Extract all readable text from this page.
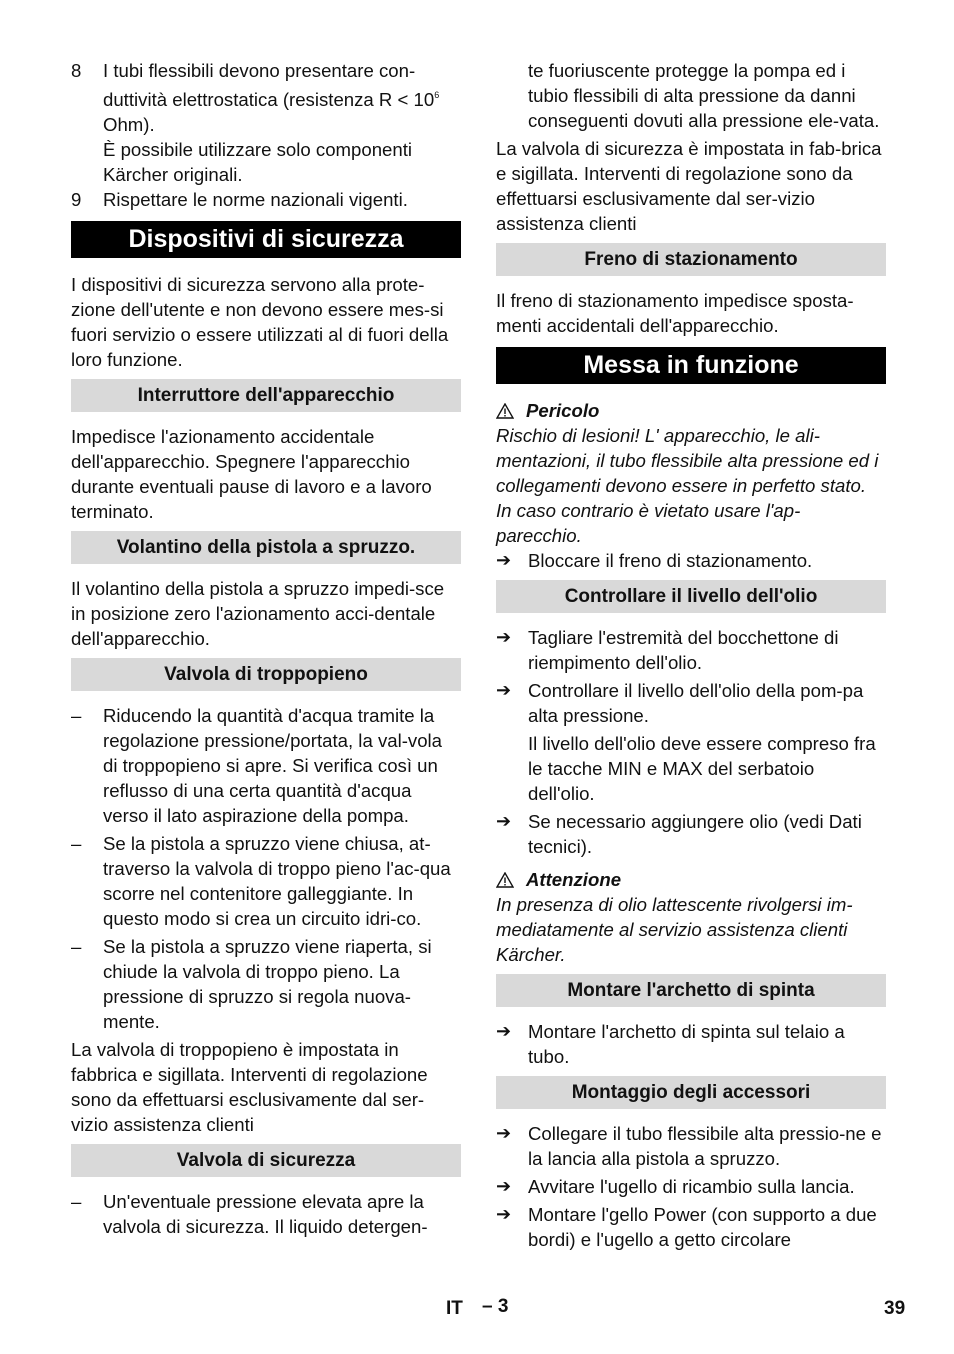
8	I tubi flessibili devono presentare con-duttività elettrostatica (resistenza $R < 10^6$ Ohm).
È possibile utilizzare solo componenti Kärcher originali.
9	Rispettare le norme nazionali vigenti.
Dispositivi di sicurezza

I dispositivi di sicurezza servono alla prote-zione dell'utente e non devono essere mes-si fuori servizio o essere utilizzati al di fuori della loro funzione.

Interruttore dell'apparecchio

Impedisce l'azionamento accidentale dell'apparecchio. Spegnere l'apparecchio durante eventuali pause di lavoro e a lavoro terminato.

Volantino della pistola a spruzzo.

Il volantino della pistola a spruzzo impedi-sce in posizione zero l'azionamento acci-dentale dell'apparecchio.

Valvola di troppopieno
–	Riducendo la quantità d'acqua tramite la regolazione pressione/portata, la val-vola di troppopieno si apre. Si verifica così un reflusso di una certa quantità d'acqua verso il lato aspirazione della pompa.
–	Se la pistola a spruzzo viene chiusa, at-traverso la valvola di troppo pieno l'ac-qua scorre nel contenitore galleggiante. In questo modo si crea un circuito idri-co.
–	Se la pistola a spruzzo viene riaperta, si chiude la valvola di troppo pieno. La pressione di spruzzo si regola nuova-mente.

La valvola di troppopieno è impostata in fabbrica e sigillata. Interventi di regolazione sono da effettuarsi esclusivamente dal ser-vizio assistenza clienti

Valvola di sicurezza
–	Un'eventuale pressione elevata apre la valvola di sicurezza. Il liquido detergen-

te fuoriuscente protegge la pompa ed i tubio flessibili di alta pressione da danni conseguenti dovuti alla pressione ele-vata.

La valvola di sicurezza è impostata in fab-brica e sigillata. Interventi di regolazione sono da effettuarsi esclusivamente dal ser-vizio assistenza clienti

Freno di stazionamento

Il freno di stazionamento impedisce sposta-menti accidentali dell'apparecchio.

Messa in funzione
Pericolo

Rischio di lesioni! L' apparecchio, le ali-mentazioni, il tubo flessibile alta pressione ed i collegamenti devono essere in perfetto stato. In caso contrario è vietato usare l'ap-parecchio.

➔ Bloccare il freno di stazionamento.
Controllare il livello dell'olio
➔ Tagliare l'estremità del bocchettone di riempimento dell'olio.
➔ Controllare il livello dell'olio della pom-pa alta pressione.

Il livello dell'olio deve essere compreso fra le tacche MIN e MAX del serbatoio dell'olio.

➔ Se necessario aggiungere olio (vedi Dati tecnici).
Attenzione

In presenza di olio lattescente rivolgersi im-mediatamente al servizio assistenza clienti Kärcher.

Montare l'archetto di spinta
➔ Montare l'archetto di spinta sul telaio a tubo.
Montaggio degli accessori
➔ Collegare il tubo flessibile alta pressio-ne e la lancia alla pistola a spruzzo.
➔ Avvitare l'ugello di ricambio sulla lancia.
➔ Montare l'gello Power (con supporto a due bordi) e l'ugello a getto circolare
IT – 3	39
